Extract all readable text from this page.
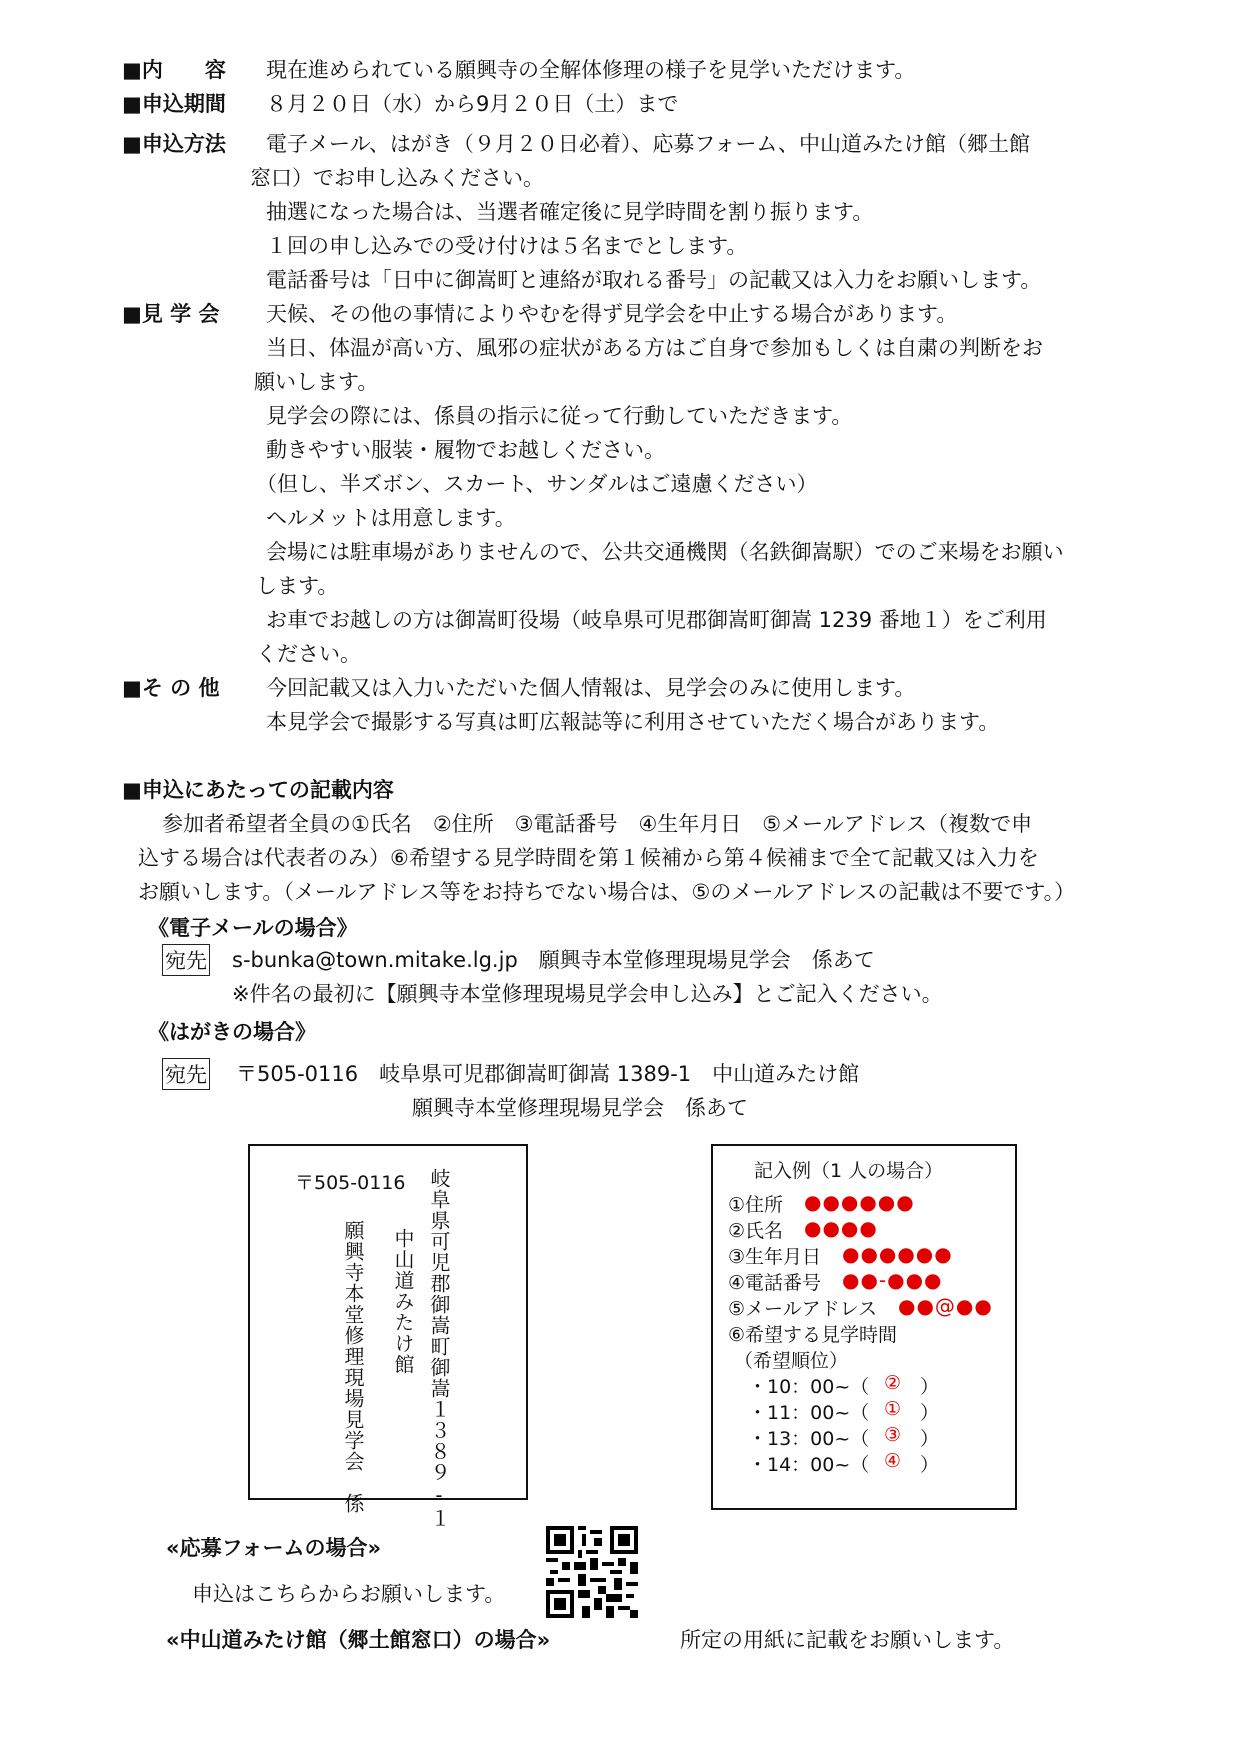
■内　　容 現在進められている願興寺の全解体修理の様子を見学いただけます。
■申込期間 ８月２０日（水）から9月２０日（土）まで
■申込方法 電子メール、はがき（９月２０日必着）、応募フォーム、中山道みたけ館（郷土館
窓口）でお申し込みください。
抽選になった場合は、当選者確定後に見学時間を割り振ります。
１回の申し込みでの受け付けは５名までとします。
電話番号は「日中に御嵩町と連絡が取れる番号」の記載又は入力をお願いします。
■見 学 会 天候、その他の事情によりやむを得ず見学会を中止する場合があります。
当日、体温が高い方、風邪の症状がある方はご自身で参加もしくは自粛の判断をお
願いします。
見学会の際には、係員の指示に従って行動していただきます。
動きやすい服装・履物でお越しください。
（但し、半ズボン、スカート、サンダルはご遠慮ください）
ヘルメットは用意します。
会場には駐車場がありませんので、公共交通機関（名鉄御嵩駅）でのご来場をお願い
します。
お車でお越しの方は御嵩町役場（岐阜県可児郡御嵩町御嵩 1239 番地１）をご利用
ください。
■そ の 他 今回記載又は入力いただいた個人情報は、見学会のみに使用します。
本見学会で撮影する写真は町広報誌等に利用させていただく場合があります。
■申込にあたっての記載内容
参加者希望者全員の①氏名　②住所　③電話番号　④生年月日　⑤メールアドレス（複数で申
込する場合は代表者のみ）⑥希望する見学時間を第１候補から第４候補まで全て記載又は入力を
お願いします。（メールアドレス等をお持ちでない場合は、⑤のメールアドレスの記載は不要です。）
《電子メールの場合》
宛先 s-bunka@town.mitake.lg.jp　願興寺本堂修理現場見学会　係あて
※件名の最初に【願興寺本堂修理現場見学会申し込み】とご記入ください。
《はがきの場合》
宛先 〒505-0116　岐阜県可児郡御嵩町御嵩 1389-1　中山道みたけ館
願興寺本堂修理現場見学会　係あて
〒505-0116 岐阜県可児郡御嵩町御嵩１３８９-１
中山道みたけ館
願興寺本堂修理現場見学会　係
記入例（1 人の場合）
①住所 ●●●●●●
②氏名 ●●●●
③生年月日 ●●●●●●
④電話番号 ●●-●●●
⑤メールアドレス ●●@●●
⑥希望する見学時間
（希望順位）
・10：00~（ ② ）
・11：00~（ ① ）
・13：00~（ ③ ）
・14：00~（ ④ ）
«応募フォームの場合»
申込はこちらからお願いします。
«中山道みたけ館（郷土館窓口）の場合»	所定の用紙に記載をお願いします。
